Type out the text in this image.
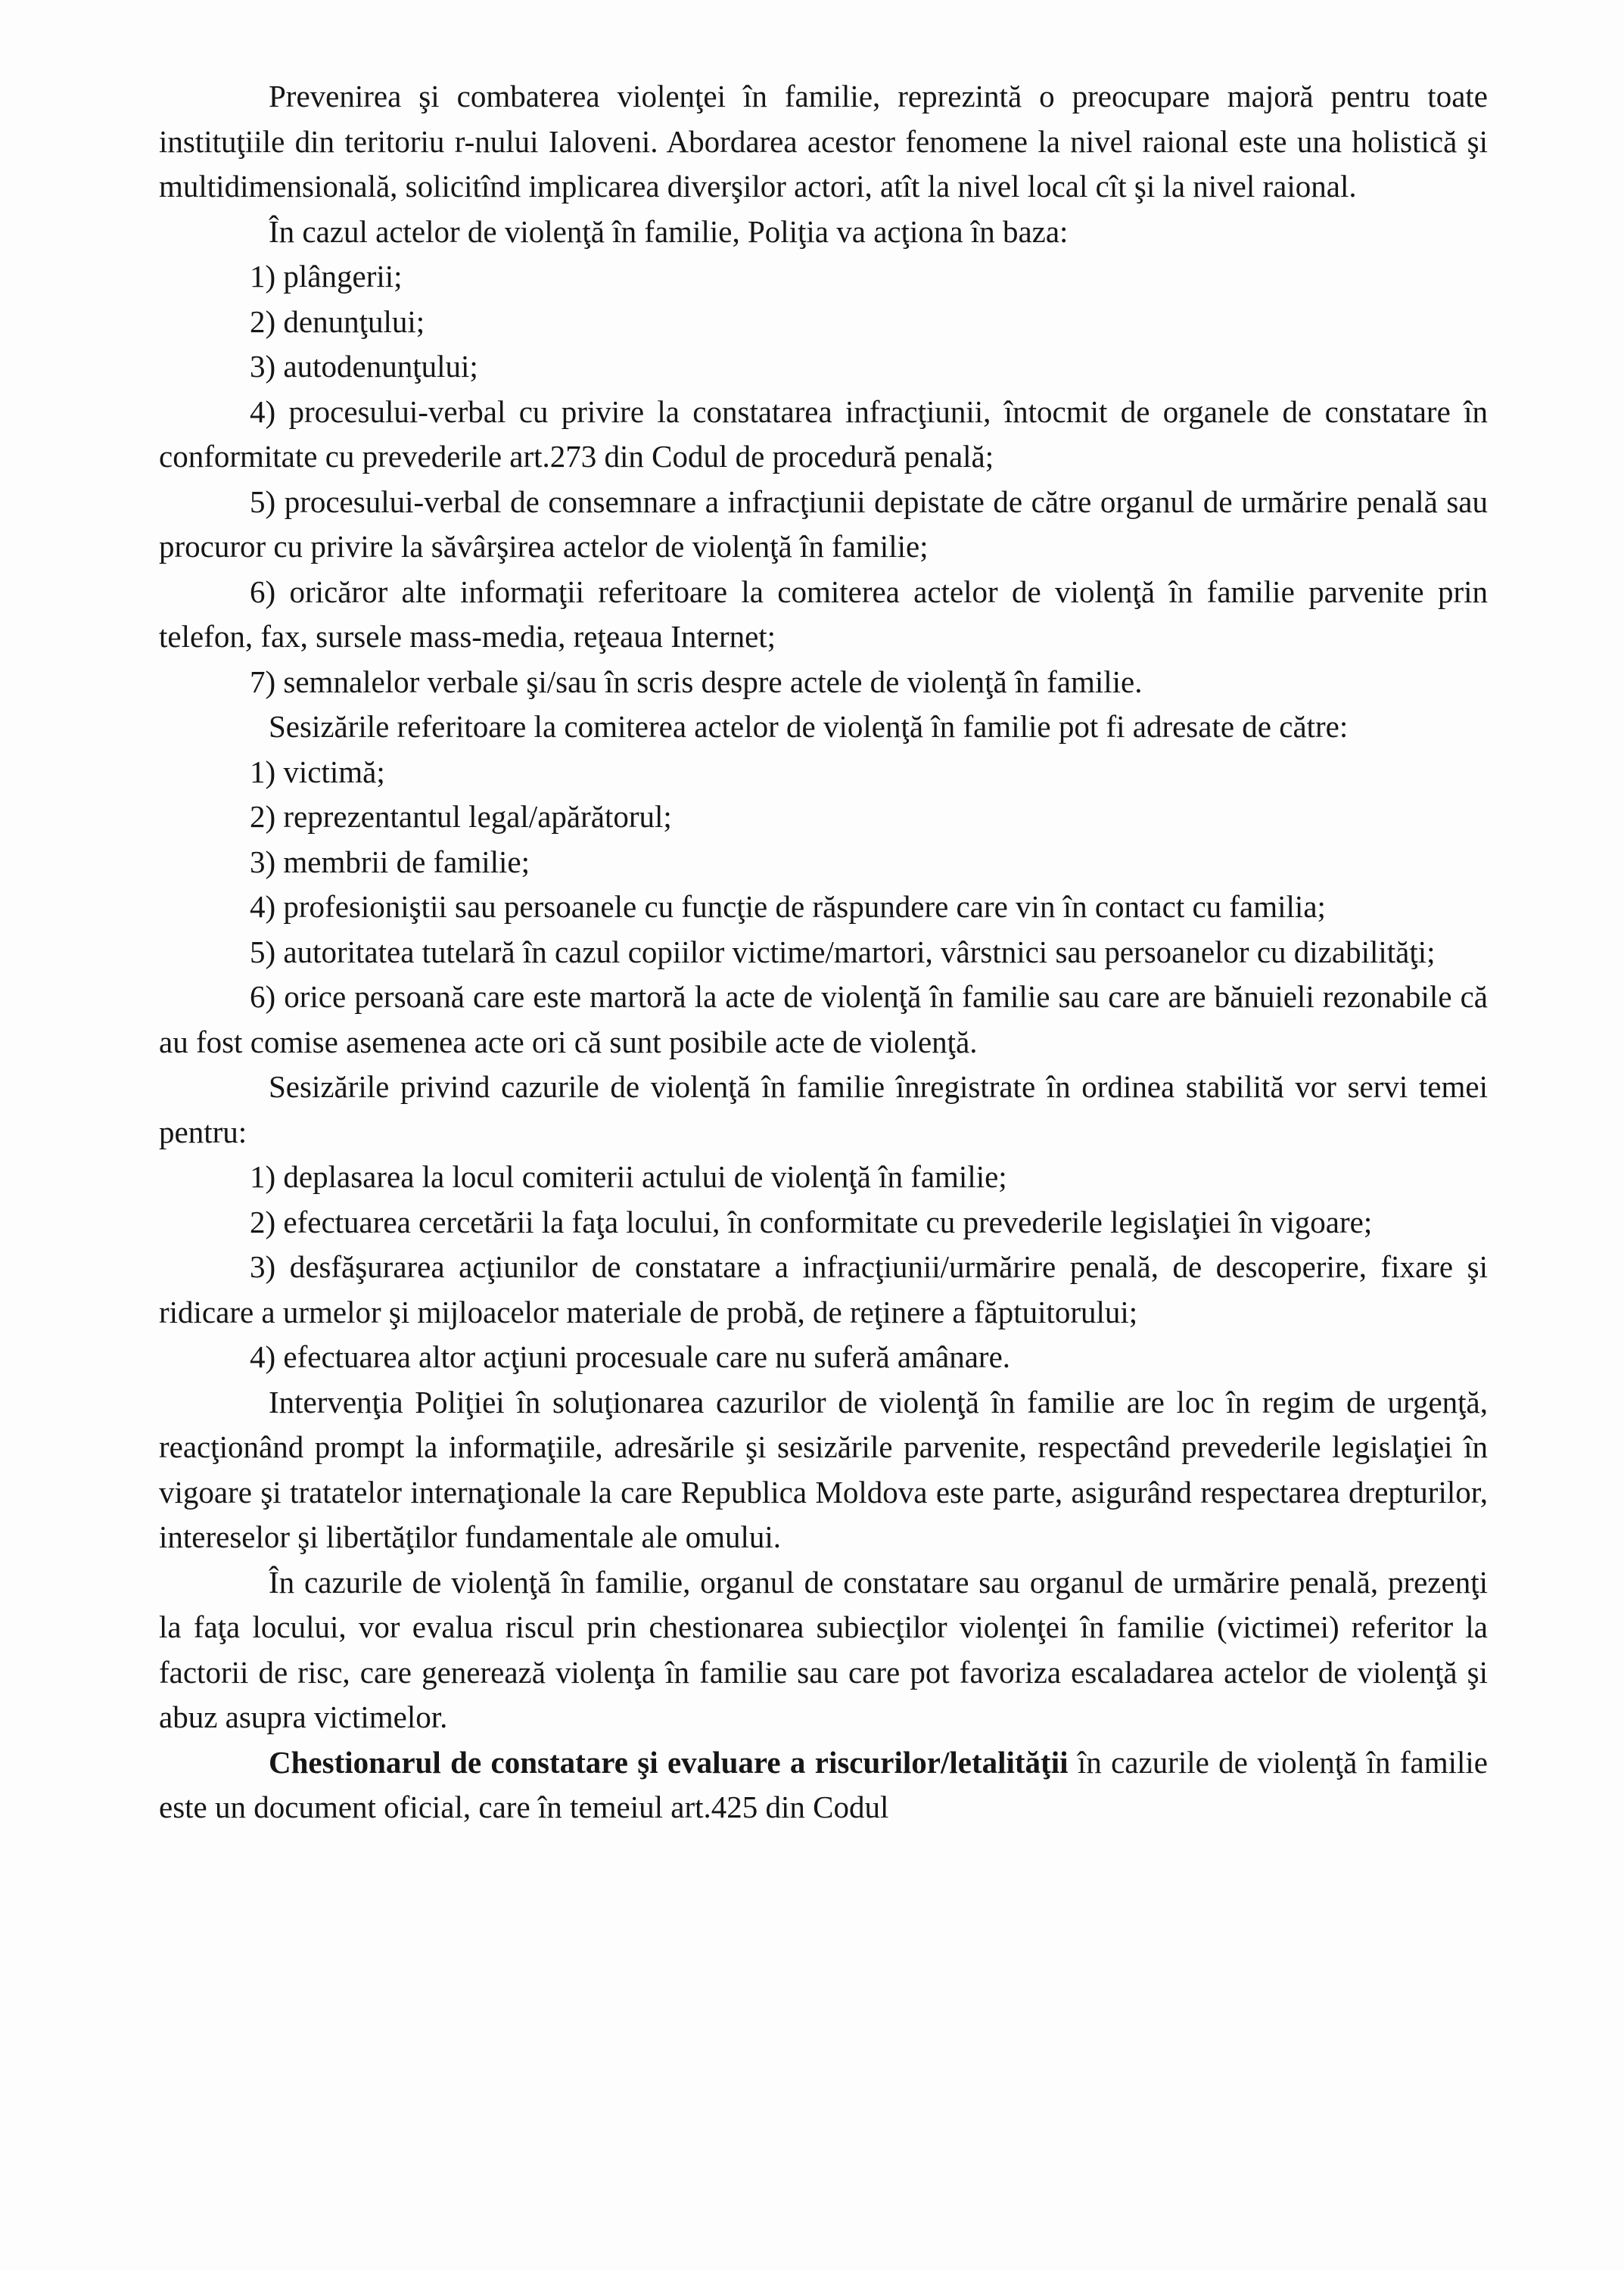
Prevenirea şi combaterea violenţei în familie, reprezintă o preocupare majoră pentru toate instituţiile din teritoriu r-nului Ialoveni. Abordarea acestor fenomene la nivel raional este una holistică şi multidimensională, solicitînd implicarea diverşilor actori, atît la nivel local cît şi la nivel raional.

În cazul actelor de violenţă în familie, Poliţia va acţiona în baza:

1) plângerii;

2) denunţului;

3) autodenunţului;

4) procesului-verbal cu privire la constatarea infracţiunii, întocmit de organele de constatare în conformitate cu prevederile art.273 din Codul de procedură penală;

5) procesului-verbal de consemnare a infracţiunii depistate de către organul de urmărire penală sau procuror cu privire la săvârşirea actelor de violenţă în familie;

6) oricăror alte informaţii referitoare la comiterea actelor de violenţă în familie parvenite prin telefon, fax, sursele mass-media, reţeaua Internet;

7) semnalelor verbale şi/sau în scris despre actele de violenţă în familie.

Sesizările referitoare la comiterea actelor de violenţă în familie pot fi adresate de către:

1) victimă;

2) reprezentantul legal/apărătorul;

3) membrii de familie;

4) profesioniştii sau persoanele cu funcţie de răspundere care vin în contact cu familia;

5) autoritatea tutelară în cazul copiilor victime/martori, vârstnici sau persoanelor cu dizabilităţi;

6) orice persoană care este martoră la acte de violenţă în familie sau care are bănuieli rezonabile că au fost comise asemenea acte ori că sunt posibile acte de violenţă.

Sesizările privind cazurile de violenţă în familie înregistrate în ordinea stabilită vor servi temei pentru:

1) deplasarea la locul comiterii actului de violenţă în familie;

2) efectuarea cercetării la faţa locului, în conformitate cu prevederile legislaţiei în vigoare;

3) desfăşurarea acţiunilor de constatare a infracţiunii/urmărire penală, de descoperire, fixare şi ridicare a urmelor şi mijloacelor materiale de probă, de reţinere a făptuitorului;

4) efectuarea altor acţiuni procesuale care nu suferă amânare.

Intervenţia Poliţiei în soluţionarea cazurilor de violenţă în familie are loc în regim de urgenţă, reacţionând prompt la informaţiile, adresările şi sesizările parvenite, respectând prevederile legislaţiei în vigoare şi tratatelor internaţionale la care Republica Moldova este parte, asigurând respectarea drepturilor, intereselor şi libertăţilor fundamentale ale omului.

În cazurile de violenţă în familie, organul de constatare sau organul de urmărire penală, prezenţi la faţa locului, vor evalua riscul prin chestionarea subiecţilor violenţei în familie (victimei) referitor la factorii de risc, care generează violenţa în familie sau care pot favoriza escaladarea actelor de violenţă şi abuz asupra victimelor.

Chestionarul de constatare şi evaluare a riscurilor/letalităţii în cazurile de violenţă în familie este un document oficial, care în temeiul art.425 din Codul
